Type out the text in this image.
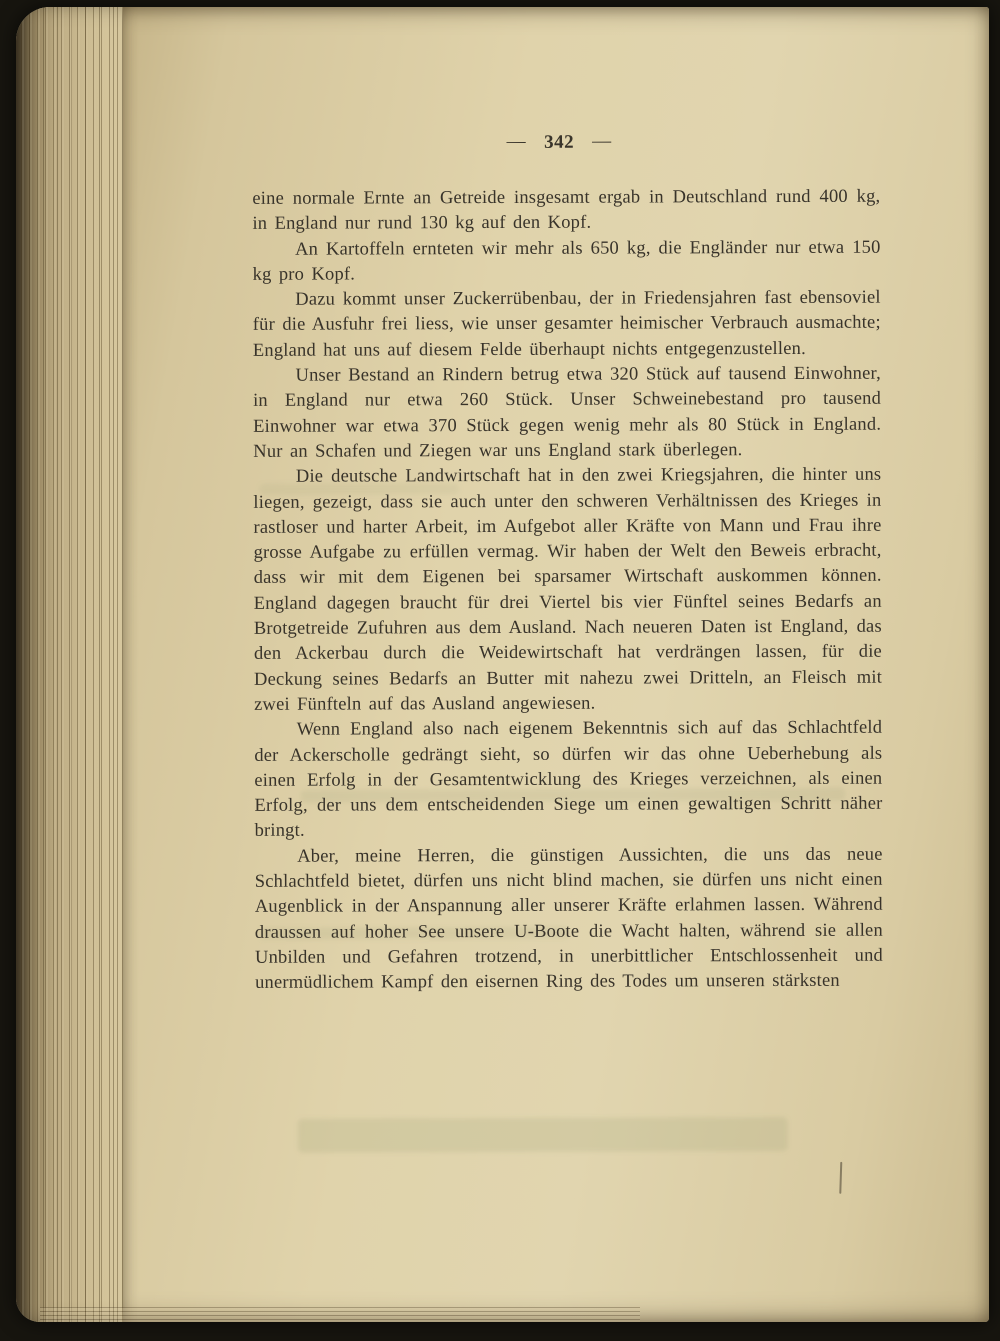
— 342 —

eine normale Ernte an Getreide insgesamt ergab in Deutschland rund 400 kg, in England nur rund 130 kg auf den Kopf.

An Kartoffeln ernteten wir mehr als 650 kg, die Engländer nur etwa 150 kg pro Kopf.

Dazu kommt unser Zuckerrübenbau, der in Friedensjahren fast ebensoviel für die Ausfuhr frei liess, wie unser gesamter heimischer Verbrauch ausmachte; England hat uns auf diesem Felde überhaupt nichts entgegenzustellen.

Unser Bestand an Rindern betrug etwa 320 Stück auf tausend Einwohner, in England nur etwa 260 Stück. Unser Schweinebestand pro tausend Einwohner war etwa 370 Stück gegen wenig mehr als 80 Stück in England. Nur an Schafen und Ziegen war uns England stark überlegen.

Die deutsche Landwirtschaft hat in den zwei Kriegsjahren, die hinter uns liegen, gezeigt, dass sie auch unter den schweren Verhältnissen des Krieges in rastloser und harter Arbeit, im Aufgebot aller Kräfte von Mann und Frau ihre grosse Aufgabe zu erfüllen vermag. Wir haben der Welt den Beweis erbracht, dass wir mit dem Eigenen bei sparsamer Wirtschaft auskommen können. England dagegen braucht für drei Viertel bis vier Fünftel seines Bedarfs an Brotgetreide Zufuhren aus dem Ausland. Nach neueren Daten ist England, das den Ackerbau durch die Weidewirtschaft hat verdrängen lassen, für die Deckung seines Bedarfs an Butter mit nahezu zwei Dritteln, an Fleisch mit zwei Fünfteln auf das Ausland angewiesen.

Wenn England also nach eigenem Bekenntnis sich auf das Schlachtfeld der Ackerscholle gedrängt sieht, so dürfen wir das ohne Ueberhebung als einen Erfolg in der Gesamtentwicklung des Krieges verzeichnen, als einen Erfolg, der uns dem entscheidenden Siege um einen gewaltigen Schritt näher bringt.

Aber, meine Herren, die günstigen Aussichten, die uns das neue Schlachtfeld bietet, dürfen uns nicht blind machen, sie dürfen uns nicht einen Augenblick in der Anspannung aller unserer Kräfte erlahmen lassen. Während draussen auf hoher See unsere U-Boote die Wacht halten, während sie allen Unbilden und Gefahren trotzend, in unerbittlicher Entschlossenheit und unermüdlichem Kampf den eisernen Ring des Todes um unseren stärksten
